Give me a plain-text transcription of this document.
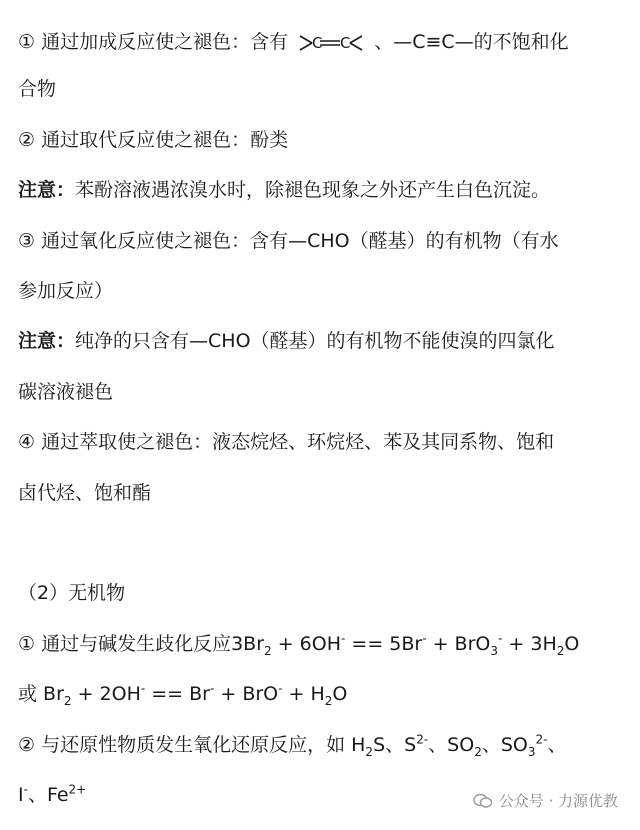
① 通过加成反应使之褪色：含有 C C 、—C≡C—的不饱和化
合物
② 通过取代反应使之褪色：酚类
注意：苯酚溶液遇浓溴水时，除褪色现象之外还产生白色沉淀。
③ 通过氧化反应使之褪色：含有—CHO（醛基）的有机物（有水
参加反应）
注意：纯净的只含有—CHO（醛基）的有机物不能使溴的四氯化
碳溶液褪色
④ 通过萃取使之褪色：液态烷烃、环烷烃、苯及其同系物、饱和
卤代烃、饱和酯
（2）无机物
① 通过与碱发生歧化反应$3Br_2 + 6OH^- == 5Br^- + BrO_3^- + 3H_2O$
或 $Br_2 + 2OH^- == Br^- + BrO^- + H_2O$
② 与还原性物质发生氧化还原反应，如 $H_2S$、$S^{2-}$、$SO_2$、$SO_3^{2-}$、
I-、$Fe^{2+}$
公众号 · 力源优教
